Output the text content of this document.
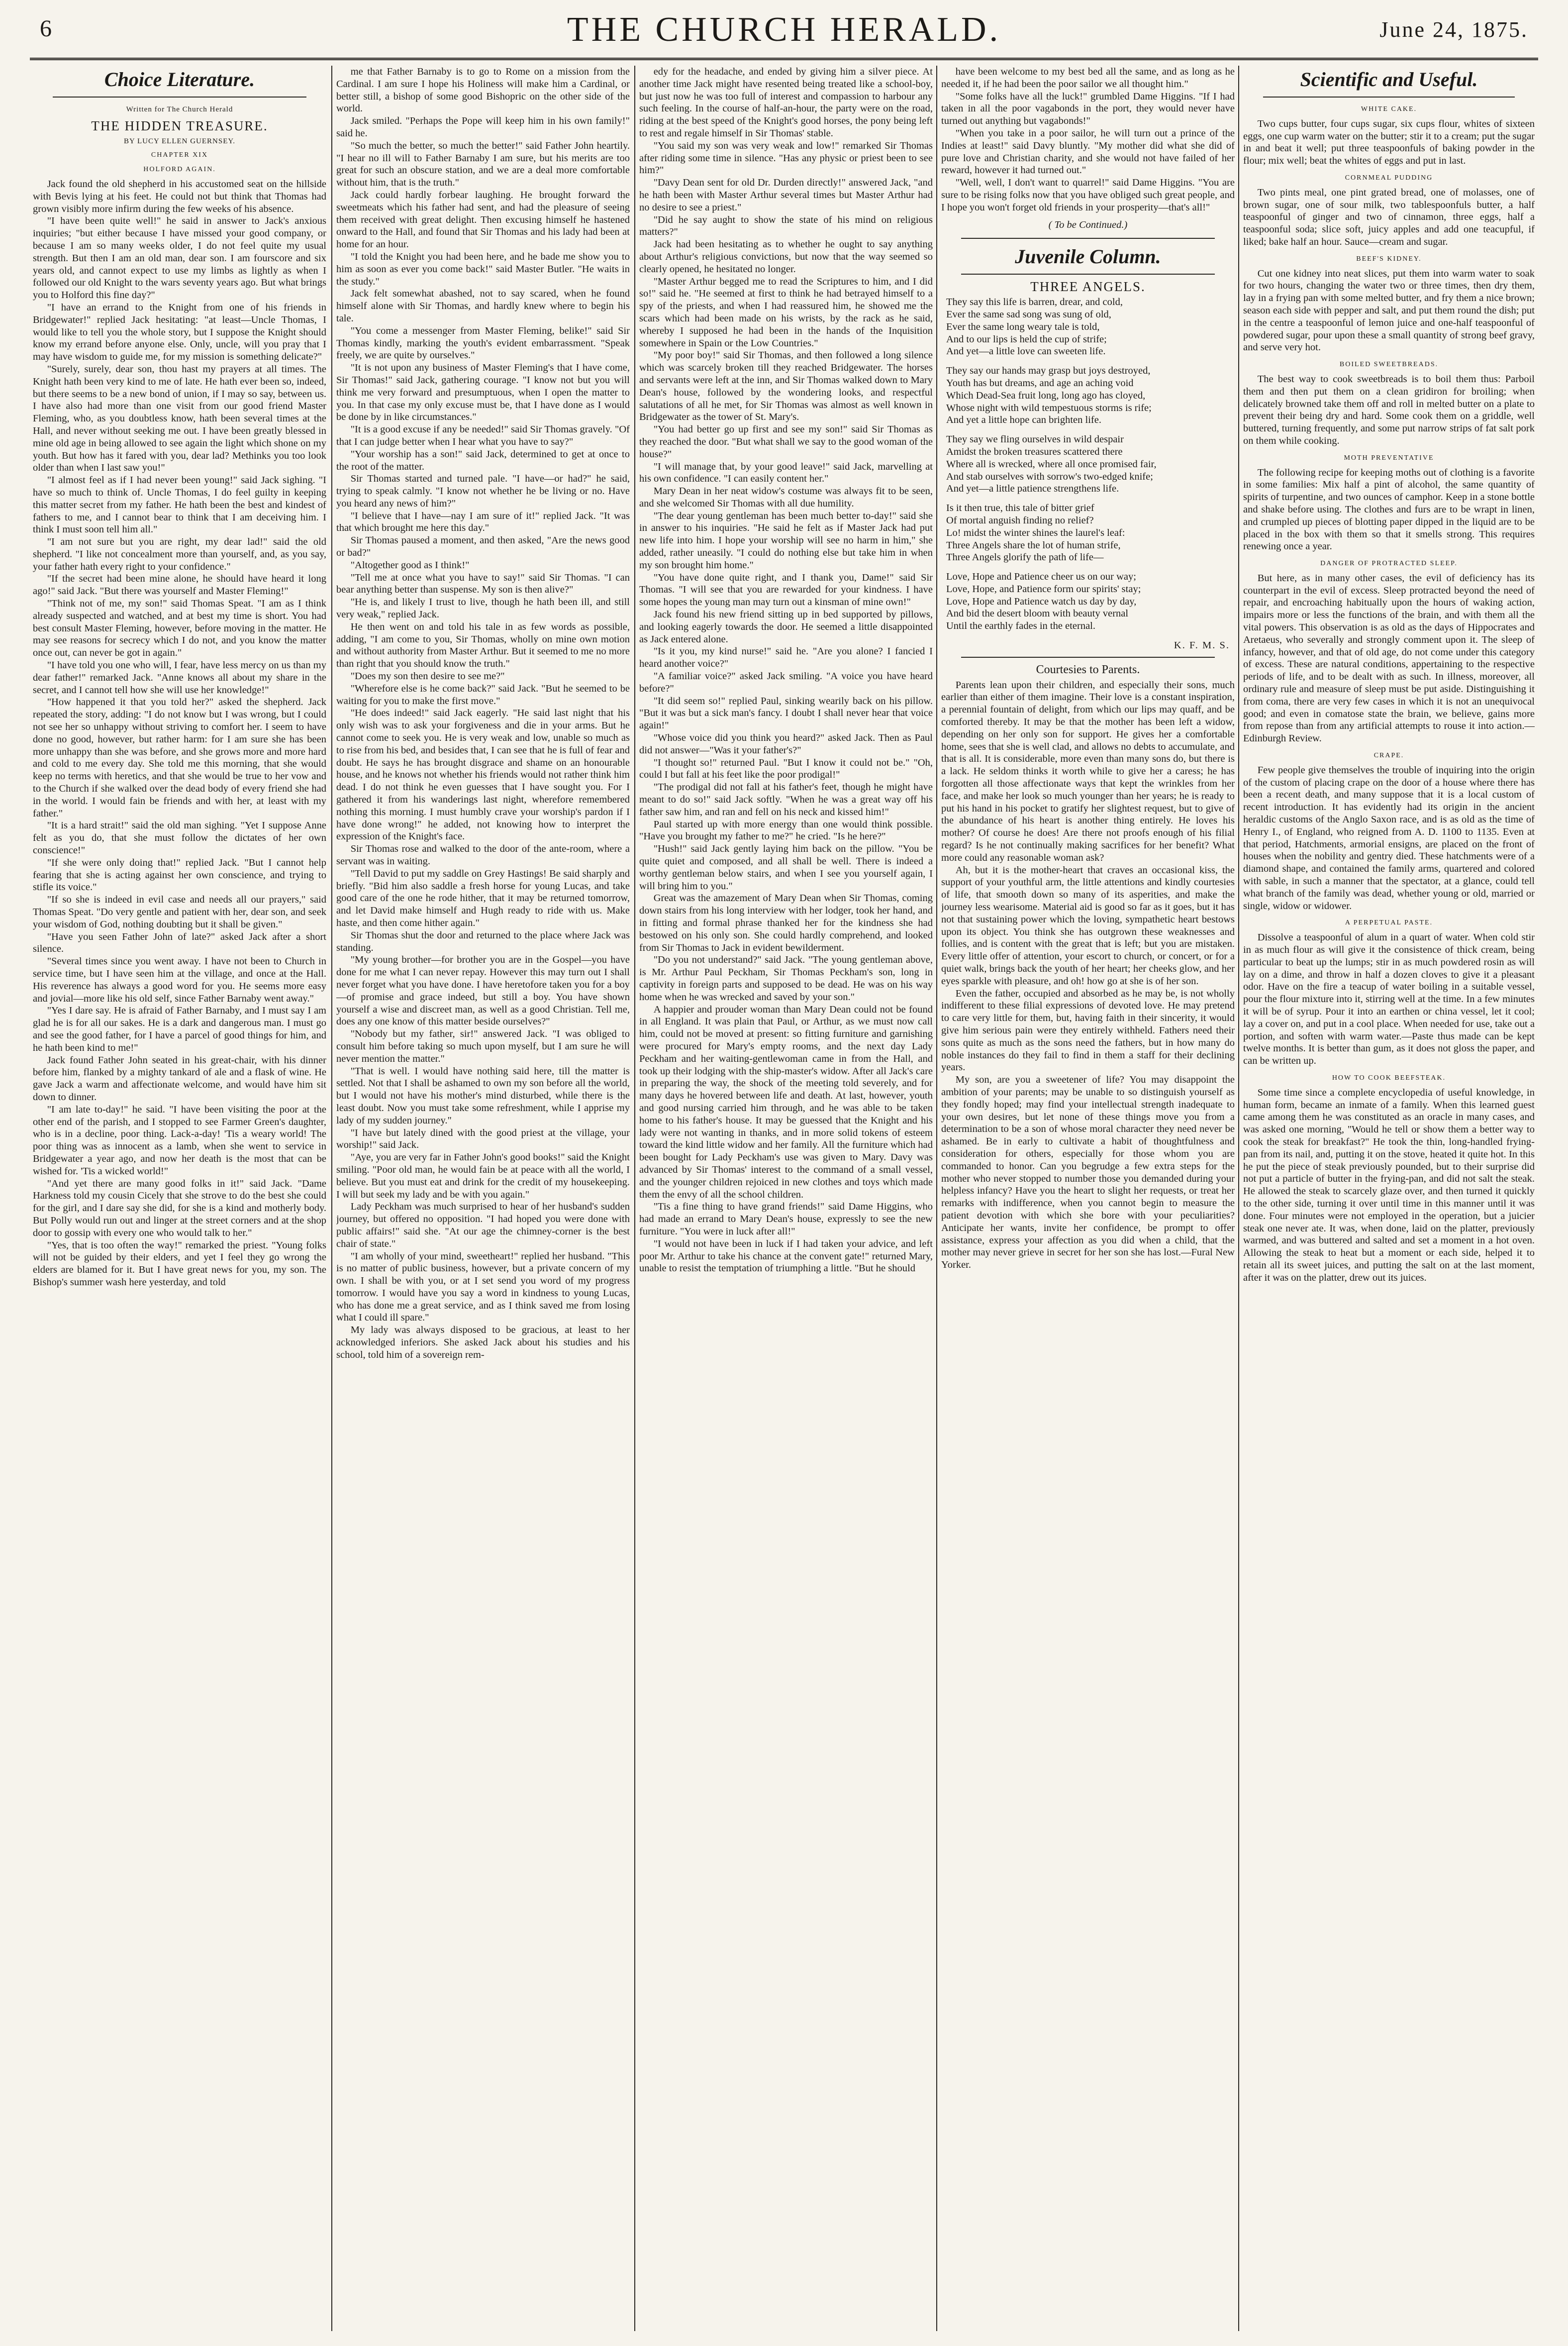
6	THE CHURCH HERALD.	June 24, 1875.
Choice Literature.
Written for The Church Herald
THE HIDDEN TREASURE.
BY LUCY ELLEN GUERNSEY.
CHAPTER XIX
HOLFORD AGAIN.

Jack found the old shepherd in his accustomed seat on the hillside with Bevis lying at his feet. He could not but think that Thomas had grown visibly more infirm during the few weeks of his absence.

"I have been quite well!" he said in answer to Jack's anxious inquiries; "but either because I have missed your good company, or because I am so many weeks older, I do not feel quite my usual strength. But then I am an old man, dear son. I am fourscore and six years old, and cannot expect to use my limbs as lightly as when I followed our old Knight to the wars seventy years ago. But what brings you to Holford this fine day?"

"I have an errand to the Knight from one of his friends in Bridgewater!" replied Jack hesitating: "at least—Uncle Thomas, I would like to tell you the whole story, but I suppose the Knight should know my errand before anyone else. Only, uncle, will you pray that I may have wisdom to guide me, for my mission is something delicate?"

"Surely, surely, dear son, thou hast my prayers at all times. The Knight hath been very kind to me of late. He hath ever been so, indeed, but there seems to be a new bond of union, if I may so say, between us. I have also had more than one visit from our good friend Master Fleming, who, as you doubtless know, hath been several times at the Hall, and never without seeking me out. I have been greatly blessed in mine old age in being allowed to see again the light which shone on my youth. But how has it fared with you, dear lad? Methinks you too look older than when I last saw you!"

"I almost feel as if I had never been young!" said Jack sighing. "I have so much to think of. Uncle Thomas, I do feel guilty in keeping this matter secret from my father. He hath been the best and kindest of fathers to me, and I cannot bear to think that I am deceiving him. I think I must soon tell him all."

"I am not sure but you are right, my dear lad!" said the old shepherd. "I like not concealment more than yourself, and, as you say, your father hath every right to your confidence."

"If the secret had been mine alone, he should have heard it long ago!" said Jack. "But there was yourself and Master Fleming!"

"Think not of me, my son!" said Thomas Speat. "I am as I think already suspected and watched, and at best my time is short. You had best consult Master Fleming, however, before moving in the matter. He may see reasons for secrecy which I do not, and you know the matter once out, can never be got in again."

"I have told you one who will, I fear, have less mercy on us than my dear father!" remarked Jack. "Anne knows all about my share in the secret, and I cannot tell how she will use her knowledge!"

"How happened it that you told her?" asked the shepherd. Jack repeated the story, adding: "I do not know but I was wrong, but I could not see her so unhappy without striving to comfort her. I seem to have done no good, however, but rather harm: for I am sure she has been more unhappy than she was before, and she grows more and more hard and cold to me every day. She told me this morning, that she would keep no terms with heretics, and that she would be true to her vow and to the Church if she walked over the dead body of every friend she had in the world. I would fain be friends and with her, at least with my father."

"It is a hard strait!" said the old man sighing. "Yet I suppose Anne felt as you do, that she must follow the dictates of her own conscience!"

"If she were only doing that!" replied Jack. "But I cannot help fearing that she is acting against her own conscience, and trying to stifle its voice."

"If so she is indeed in evil case and needs all our prayers," said Thomas Speat. "Do very gentle and patient with her, dear son, and seek your wisdom of God, nothing doubting but it shall be given."

"Have you seen Father John of late?" asked Jack after a short silence.

"Several times since you went away. I have not been to Church in service time, but I have seen him at the village, and once at the Hall. His reverence has always a good word for you. He seems more easy and jovial—more like his old self, since Father Barnaby went away."

"Yes I dare say. He is afraid of Father Barnaby, and I must say I am glad he is for all our sakes. He is a dark and dangerous man. I must go and see the good father, for I have a parcel of good things for him, and he hath been kind to me!"

Jack found Father John seated in his great-chair, with his dinner before him, flanked by a mighty tankard of ale and a flask of wine. He gave Jack a warm and affectionate welcome, and would have him sit down to dinner.

"I am late to-day!" he said. "I have been visiting the poor at the other end of the parish, and I stopped to see Farmer Green's daughter, who is in a decline, poor thing. Lack-a-day! 'Tis a weary world! The poor thing was as innocent as a lamb, when she went to service in Bridgewater a year ago, and now her death is the most that can be wished for. 'Tis a wicked world!"

"And yet there are many good folks in it!" said Jack. "Dame Harkness told my cousin Cicely that she strove to do the best she could for the girl, and I dare say she did, for she is a kind and motherly body. But Polly would run out and linger at the street corners and at the shop door to gossip with every one who would talk to her."

"Yes, that is too often the way!" remarked the priest. "Young folks will not be guided by their elders, and yet I feel they go wrong the elders are blamed for it. But I have great news for you, my son. The Bishop's summer wash here yesterday, and told

me that Father Barnaby is to go to Rome on a mission from the Cardinal. I am sure I hope his Holiness will make him a Cardinal, or better still, a bishop of some good Bishopric on the other side of the world.

Jack smiled. "Perhaps the Pope will keep him in his own family!" said he.

"So much the better, so much the better!" said Father John heartily. "I hear no ill will to Father Barnaby I am sure, but his merits are too great for such an obscure station, and we are a deal more comfortable without him, that is the truth."

Jack could hardly forbear laughing. He brought forward the sweetmeats which his father had sent, and had the pleasure of seeing them received with great delight. Then excusing himself he hastened onward to the Hall, and found that Sir Thomas and his lady had been at home for an hour.

"I told the Knight you had been here, and he bade me show you to him as soon as ever you come back!" said Master Butler. "He waits in the study."

Jack felt somewhat abashed, not to say scared, when he found himself alone with Sir Thomas, and hardly knew where to begin his tale.

"You come a messenger from Master Fleming, belike!" said Sir Thomas kindly, marking the youth's evident embarrassment. "Speak freely, we are quite by ourselves."

"It is not upon any business of Master Fleming's that I have come, Sir Thomas!" said Jack, gathering courage. "I know not but you will think me very forward and presumptuous, when I open the matter to you. In that case my only excuse must be, that I have done as I would be done by in like circumstances."

"It is a good excuse if any be needed!" said Sir Thomas gravely. "Of that I can judge better when I hear what you have to say?"

"Your worship has a son!" said Jack, determined to get at once to the root of the matter.

Sir Thomas started and turned pale. "I have—or had?" he said, trying to speak calmly. "I know not whether he be living or no. Have you heard any news of him?"

"I believe that I have—nay I am sure of it!" replied Jack. "It was that which brought me here this day."

Sir Thomas paused a moment, and then asked, "Are the news good or bad?"

"Altogether good as I think!"

"Tell me at once what you have to say!" said Sir Thomas. "I can bear anything better than suspense. My son is then alive?"

"He is, and likely I trust to live, though he hath been ill, and still very weak," replied Jack.

He then went on and told his tale in as few words as possible, adding, "I am come to you, Sir Thomas, wholly on mine own motion and without authority from Master Arthur. But it seemed to me no more than right that you should know the truth."

"Does my son then desire to see me?"

"Wherefore else is he come back?" said Jack. "But he seemed to be waiting for you to make the first move."

"He does indeed!" said Jack eagerly. "He said last night that his only wish was to ask your forgiveness and die in your arms. But he cannot come to seek you. He is very weak and low, unable so much as to rise from his bed, and besides that, I can see that he is full of fear and doubt. He says he has brought disgrace and shame on an honourable house, and he knows not whether his friends would not rather think him dead. I do not think he even guesses that I have sought you. For I gathered it from his wanderings last night, wherefore remembered nothing this morning. I must humbly crave your worship's pardon if I have done wrong!" he added, not knowing how to interpret the expression of the Knight's face.

Sir Thomas rose and walked to the door of the ante-room, where a servant was in waiting.

"Tell David to put my saddle on Grey Hastings! Be said sharply and briefly. "Bid him also saddle a fresh horse for young Lucas, and take good care of the one he rode hither, that it may be returned tomorrow, and let David make himself and Hugh ready to ride with us. Make haste, and then come hither again."

Sir Thomas shut the door and returned to the place where Jack was standing.

"My young brother—for brother you are in the Gospel—you have done for me what I can never repay. However this may turn out I shall never forget what you have done. I have heretofore taken you for a boy—of promise and grace indeed, but still a boy. You have shown yourself a wise and discreet man, as well as a good Christian. Tell me, does any one know of this matter beside ourselves?"

"Nobody but my father, sir!" answered Jack. "I was obliged to consult him before taking so much upon myself, but I am sure he will never mention the matter."

"That is well. I would have nothing said here, till the matter is settled. Not that I shall be ashamed to own my son before all the world, but I would not have his mother's mind disturbed, while there is the least doubt. Now you must take some refreshment, while I apprise my lady of my sudden journey."

"I have but lately dined with the good priest at the village, your worship!" said Jack.

"Aye, you are very far in Father John's good books!" said the Knight smiling. "Poor old man, he would fain be at peace with all the world, I believe. But you must eat and drink for the credit of my housekeeping. I will but seek my lady and be with you again."

Lady Peckham was much surprised to hear of her husband's sudden journey, but offered no opposition. "I had hoped you were done with public affairs!" said she. "At our age the chimney-corner is the best chair of state."

"I am wholly of your mind, sweetheart!" replied her husband. "This is no matter of public business, however, but a private concern of my own. I shall be with you, or at I set send you word of my progress tomorrow. I would have you say a word in kindness to young Lucas, who has done me a great service, and as I think saved me from losing what I could ill spare."

My lady was always disposed to be gracious, at least to her acknowledged inferiors. She asked Jack about his studies and his school, told him of a sovereign rem-

edy for the headache, and ended by giving him a silver piece. At another time Jack might have resented being treated like a school-boy, but just now he was too full of interest and compassion to harbour any such feeling. In the course of half-an-hour, the party were on the road, riding at the best speed of the Knight's good horses, the pony being left to rest and regale himself in Sir Thomas' stable.

"You said my son was very weak and low!" remarked Sir Thomas after riding some time in silence. "Has any physic or priest been to see him?"

"Davy Dean sent for old Dr. Durden directly!" answered Jack, "and he hath been with Master Arthur several times but Master Arthur had no desire to see a priest."

"Did he say aught to show the state of his mind on religious matters?"

Jack had been hesitating as to whether he ought to say anything about Arthur's religious convictions, but now that the way seemed so clearly opened, he hesitated no longer.

"Master Arthur begged me to read the Scriptures to him, and I did so!" said he. "He seemed at first to think he had betrayed himself to a spy of the priests, and when I had reassured him, he showed me the scars which had been made on his wrists, by the rack as he said, whereby I supposed he had been in the hands of the Inquisition somewhere in Spain or the Low Countries."

"My poor boy!" said Sir Thomas, and then followed a long silence which was scarcely broken till they reached Bridgewater. The horses and servants were left at the inn, and Sir Thomas walked down to Mary Dean's house, followed by the wondering looks, and respectful salutations of all he met, for Sir Thomas was almost as well known in Bridgewater as the tower of St. Mary's.

"You had better go up first and see my son!" said Sir Thomas as they reached the door. "But what shall we say to the good woman of the house?"

"I will manage that, by your good leave!" said Jack, marvelling at his own confidence. "I can easily content her."

Mary Dean in her neat widow's costume was always fit to be seen, and she welcomed Sir Thomas with all due humility.

"The dear young gentleman has been much better to-day!" said she in answer to his inquiries. "He said he felt as if Master Jack had put new life into him. I hope your worship will see no harm in him," she added, rather uneasily. "I could do nothing else but take him in when my son brought him home."

"You have done quite right, and I thank you, Dame!" said Sir Thomas. "I will see that you are rewarded for your kindness. I have some hopes the young man may turn out a kinsman of mine own!"

Jack found his new friend sitting up in bed supported by pillows, and looking eagerly towards the door. He seemed a little disappointed as Jack entered alone.

"Is it you, my kind nurse!" said he. "Are you alone? I fancied I heard another voice?"

"A familiar voice?" asked Jack smiling. "A voice you have heard before?"

"It did seem so!" replied Paul, sinking wearily back on his pillow. "But it was but a sick man's fancy. I doubt I shall never hear that voice again!"

"Whose voice did you think you heard?" asked Jack. Then as Paul did not answer—"Was it your father's?"

"I thought so!" returned Paul. "But I know it could not be." "Oh, could I but fall at his feet like the poor prodigal!"

"The prodigal did not fall at his father's feet, though he might have meant to do so!" said Jack softly. "When he was a great way off his father saw him, and ran and fell on his neck and kissed him!"

Paul started up with more energy than one would think possible. "Have you brought my father to me?" he cried. "Is he here?"

"Hush!" said Jack gently laying him back on the pillow. "You be quite quiet and composed, and all shall be well. There is indeed a worthy gentleman below stairs, and when I see you yourself again, I will bring him to you."

Great was the amazement of Mary Dean when Sir Thomas, coming down stairs from his long interview with her lodger, took her hand, and in fitting and formal phrase thanked her for the kindness she had bestowed on his only son. She could hardly comprehend, and looked from Sir Thomas to Jack in evident bewilderment.

"Do you not understand?" said Jack. "The young gentleman above, is Mr. Arthur Paul Peckham, Sir Thomas Peckham's son, long in captivity in foreign parts and supposed to be dead. He was on his way home when he was wrecked and saved by your son."

A happier and prouder woman than Mary Dean could not be found in all England. It was plain that Paul, or Arthur, as we must now call him, could not be moved at present: so fitting furniture and garnishing were procured for Mary's empty rooms, and the next day Lady Peckham and her waiting-gentlewoman came in from the Hall, and took up their lodging with the ship-master's widow. After all Jack's care in preparing the way, the shock of the meeting told severely, and for many days he hovered between life and death. At last, however, youth and good nursing carried him through, and he was able to be taken home to his father's house. It may be guessed that the Knight and his lady were not wanting in thanks, and in more solid tokens of esteem toward the kind little widow and her family. All the furniture which had been bought for Lady Peckham's use was given to Mary. Davy was advanced by Sir Thomas' interest to the command of a small vessel, and the younger children rejoiced in new clothes and toys which made them the envy of all the school children.

"Tis a fine thing to have grand friends!" said Dame Higgins, who had made an errand to Mary Dean's house, expressly to see the new furniture. "You were in luck after all!"

"I would not have been in luck if I had taken your advice, and left poor Mr. Arthur to take his chance at the convent gate!" returned Mary, unable to resist the temptation of triumphing a little. "But he should

have been welcome to my best bed all the same, and as long as he needed it, if he had been the poor sailor we all thought him."

"Some folks have all the luck!" grumbled Dame Higgins. "If I had taken in all the poor vagabonds in the port, they would never have turned out anything but vagabonds!"

"When you take in a poor sailor, he will turn out a prince of the Indies at least!" said Davy bluntly. "My mother did what she did of pure love and Christian charity, and she would not have failed of her reward, however it had turned out."

"Well, well, I don't want to quarrel!" said Dame Higgins. "You are sure to be rising folks now that you have obliged such great people, and I hope you won't forget old friends in your prosperity—that's all!"

( To be Continued.)
Juvenile Column.
THREE ANGELS.

They say this life is barren, drear, and cold,

Ever the same sad song was sung of old,

Ever the same long weary tale is told,

And to our lips is held the cup of strife;

And yet—a little love can sweeten life.

They say our hands may grasp but joys destroyed,

Youth has but dreams, and age an aching void

Which Dead-Sea fruit long, long ago has cloyed,

Whose night with wild tempestuous storms is rife;

And yet a little hope can brighten life.

They say we fling ourselves in wild despair

Amidst the broken treasures scattered there

Where all is wrecked, where all once promised fair,

And stab ourselves with sorrow's two-edged knife;

And yet—a little patience strengthens life.

Is it then true, this tale of bitter grief

Of mortal anguish finding no relief?

Lo! midst the winter shines the laurel's leaf:

Three Angels share the lot of human strife,

Three Angels glorify the path of life—

Love, Hope and Patience cheer us on our way;

Love, Hope, and Patience form our spirits' stay;

Love, Hope and Patience watch us day by day,

And bid the desert bloom with beauty vernal

Until the earthly fades in the eternal.

K. F. M. S.
Courtesies to Parents.

Parents lean upon their children, and especially their sons, much earlier than either of them imagine. Their love is a constant inspiration, a perennial fountain of delight, from which our lips may quaff, and be comforted thereby. It may be that the mother has been left a widow, depending on her only son for support. He gives her a comfortable home, sees that she is well clad, and allows no debts to accumulate, and that is all. It is considerable, more even than many sons do, but there is a lack. He seldom thinks it worth while to give her a caress; he has forgotten all those affectionate ways that kept the wrinkles from her face, and make her look so much younger than her years; he is ready to put his hand in his pocket to gratify her slightest request, but to give of the abundance of his heart is another thing entirely. He loves his mother? Of course he does! Are there not proofs enough of his filial regard? Is he not continually making sacrifices for her benefit? What more could any reasonable woman ask?

Ah, but it is the mother-heart that craves an occasional kiss, the support of your youthful arm, the little attentions and kindly courtesies of life, that smooth down so many of its asperities, and make the journey less wearisome. Material aid is good so far as it goes, but it has not that sustaining power which the loving, sympathetic heart bestows upon its object. You think she has outgrown these weaknesses and follies, and is content with the great that is left; but you are mistaken. Every little offer of attention, your escort to church, or concert, or for a quiet walk, brings back the youth of her heart; her cheeks glow, and her eyes sparkle with pleasure, and oh! how go at she is of her son.

Even the father, occupied and absorbed as he may be, is not wholly indifferent to these filial expressions of devoted love. He may pretend to care very little for them, but, having faith in their sincerity, it would give him serious pain were they entirely withheld. Fathers need their sons quite as much as the sons need the fathers, but in how many do noble instances do they fail to find in them a staff for their declining years.

My son, are you a sweetener of life? You may disappoint the ambition of your parents; may be unable to so distinguish yourself as they fondly hoped; may find your intellectual strength inadequate to your own desires, but let none of these things move you from a determination to be a son of whose moral character they need never be ashamed. Be in early to cultivate a habit of thoughtfulness and consideration for others, especially for those whom you are commanded to honor. Can you begrudge a few extra steps for the mother who never stopped to number those you demanded during your helpless infancy? Have you the heart to slight her requests, or treat her remarks with indifference, when you cannot begin to measure the patient devotion with which she bore with your peculiarities? Anticipate her wants, invite her confidence, be prompt to offer assistance, express your affection as you did when a child, that the mother may never grieve in secret for her son she has lost.—Fural New Yorker.

Scientific and Useful.
WHITE CAKE.

Two cups butter, four cups sugar, six cups flour, whites of sixteen eggs, one cup warm water on the butter; stir it to a cream; put the sugar in and beat it well; put three teaspoonfuls of baking powder in the flour; mix well; beat the whites of eggs and put in last.

CORNMEAL PUDDING

Two pints meal, one pint grated bread, one of molasses, one of brown sugar, one of sour milk, two tablespoonfuls butter, a half teaspoonful of ginger and two of cinnamon, three eggs, half a teaspoonful soda; slice soft, juicy apples and add one teacupful, if liked; bake half an hour. Sauce—cream and sugar.

BEEF'S KIDNEY.

Cut one kidney into neat slices, put them into warm water to soak for two hours, changing the water two or three times, then dry them, lay in a frying pan with some melted butter, and fry them a nice brown; season each side with pepper and salt, and put them round the dish; put in the centre a teaspoonful of lemon juice and one-half teaspoonful of powdered sugar, pour upon these a small quantity of strong beef gravy, and serve very hot.

BOILED SWEETBREADS.

The best way to cook sweetbreads is to boil them thus: Parboil them and then put them on a clean gridiron for broiling; when delicately browned take them off and roll in melted butter on a plate to prevent their being dry and hard. Some cook them on a griddle, well buttered, turning frequently, and some put narrow strips of fat salt pork on them while cooking.

MOTH PREVENTATIVE

The following recipe for keeping moths out of clothing is a favorite in some families: Mix half a pint of alcohol, the same quantity of spirits of turpentine, and two ounces of camphor. Keep in a stone bottle and shake before using. The clothes and furs are to be wrapt in linen, and crumpled up pieces of blotting paper dipped in the liquid are to be placed in the box with them so that it smells strong. This requires renewing once a year.

DANGER OF PROTRACTED SLEEP.

But here, as in many other cases, the evil of deficiency has its counterpart in the evil of excess. Sleep protracted beyond the need of repair, and encroaching habitually upon the hours of waking action, impairs more or less the functions of the brain, and with them all the vital powers. This observation is as old as the days of Hippocrates and Aretaeus, who severally and strongly comment upon it. The sleep of infancy, however, and that of old age, do not come under this category of excess. These are natural conditions, appertaining to the respective periods of life, and to be dealt with as such. In illness, moreover, all ordinary rule and measure of sleep must be put aside. Distinguishing it from coma, there are very few cases in which it is not an unequivocal good; and even in comatose state the brain, we believe, gains more from repose than from any artificial attempts to rouse it into action.—Edinburgh Review.

CRAPE.

Few people give themselves the trouble of inquiring into the origin of the custom of placing crape on the door of a house where there has been a recent death, and many suppose that it is a local custom of recent introduction. It has evidently had its origin in the ancient heraldic customs of the Anglo Saxon race, and is as old as the time of Henry I., of England, who reigned from A. D. 1100 to 1135. Even at that period, Hatchments, armorial ensigns, are placed on the front of houses when the nobility and gentry died. These hatchments were of a diamond shape, and contained the family arms, quartered and colored with sable, in such a manner that the spectator, at a glance, could tell what branch of the family was dead, whether young or old, married or single, widow or widower.

A PERPETUAL PASTE.

Dissolve a teaspoonful of alum in a quart of water. When cold stir in as much flour as will give it the consistence of thick cream, being particular to beat up the lumps; stir in as much powdered rosin as will lay on a dime, and throw in half a dozen cloves to give it a pleasant odor. Have on the fire a teacup of water boiling in a suitable vessel, pour the flour mixture into it, stirring well at the time. In a few minutes it will be of syrup. Pour it into an earthen or china vessel, let it cool; lay a cover on, and put in a cool place. When needed for use, take out a portion, and soften with warm water.—Paste thus made can be kept twelve months. It is better than gum, as it does not gloss the paper, and can be written up.

HOW TO COOK BEEFSTEAK.

Some time since a complete encyclopedia of useful knowledge, in human form, became an inmate of a family. When this learned guest came among them he was constituted as an oracle in many cases, and was asked one morning, "Would he tell or show them a better way to cook the steak for breakfast?" He took the thin, long-handled frying-pan from its nail, and, putting it on the stove, heated it quite hot. In this he put the piece of steak previously pounded, but to their surprise did not put a particle of butter in the frying-pan, and did not salt the steak. He allowed the steak to scarcely glaze over, and then turned it quickly to the other side, turning it over until time in this manner until it was done. Four minutes were not employed in the operation, but a juicier steak one never ate. It was, when done, laid on the platter, previously warmed, and was buttered and salted and set a moment in a hot oven. Allowing the steak to heat but a moment or each side, helped it to retain all its sweet juices, and putting the salt on at the last moment, after it was on the platter, drew out its juices.
